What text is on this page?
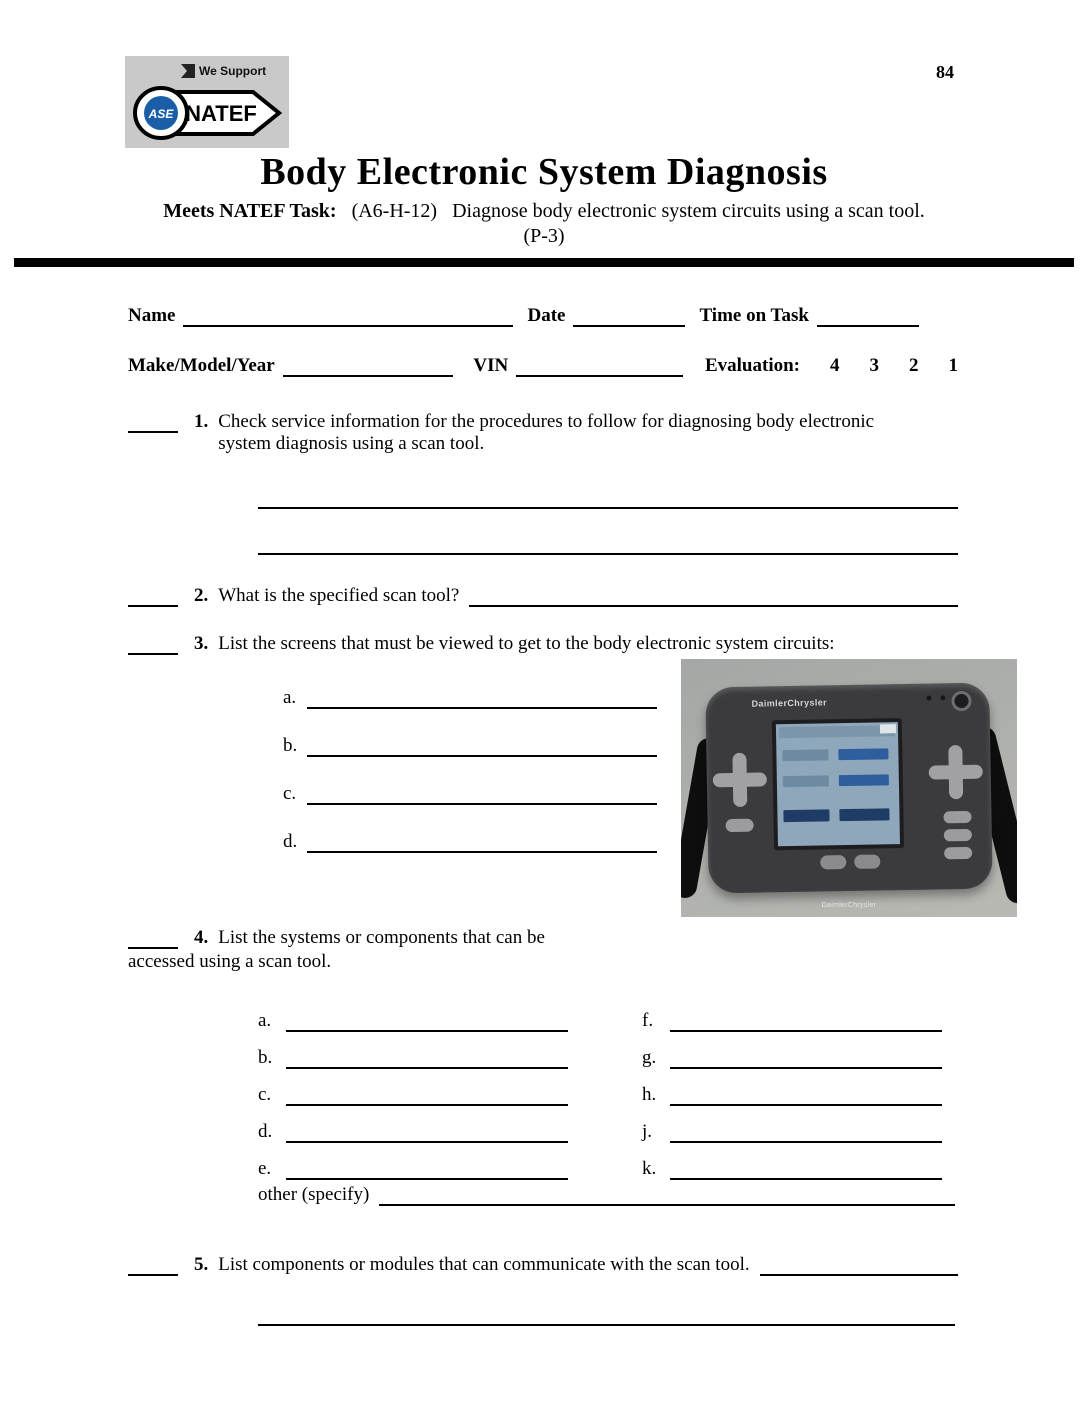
84
We Support
ASE NATEF
Body Electronic System Diagnosis
Meets NATEF Task: (A6-H-12) Diagnose body electronic system circuits using a scan tool.
(P-3)
Name	Date	Time on Task
Make/Model/Year	VIN	Evaluation: 4 3 2 1
1. Check service information for the procedures to follow for diagnosing body electronic system diagnosis using a scan tool.
2. What is the specified scan tool?
3. List the screens that must be viewed to get to the body electronic system circuits:
a.
b.
c.
d.
DaimlerChrysler
DaimlerChrysler
4. List the systems or components that can be
accessed using a scan tool.
a.
b.
c.
d.
e.
f.
g.
h.
j.
k.
other (specify)
5. List components or modules that can communicate with the scan tool.
